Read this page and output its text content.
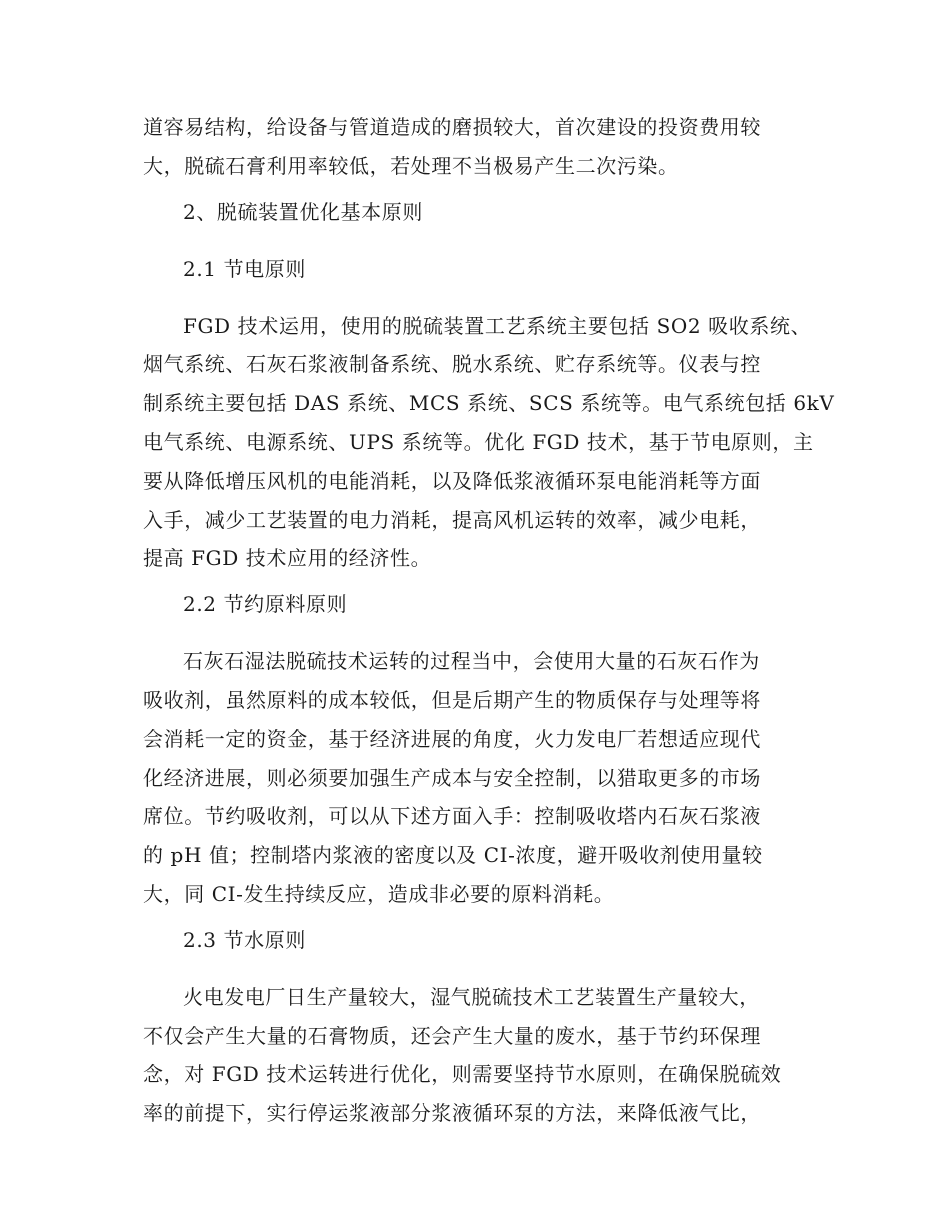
道容易结构，给设备与管道造成的磨损较大，首次建设的投资费用较
大，脱硫石膏利用率较低，若处理不当极易产生二次污染。
2、脱硫装置优化基本原则
2.1 节电原则
FGD 技术运用，使用的脱硫装置工艺系统主要包括 SO2 吸收系统、
烟气系统、石灰石浆液制备系统、脱水系统、贮存系统等。仪表与控
制系统主要包括 DAS 系统、MCS 系统、SCS 系统等。电气系统包括 6kV
电气系统、电源系统、UPS 系统等。优化 FGD 技术，基于节电原则，主
要从降低增压风机的电能消耗，以及降低浆液循环泵电能消耗等方面
入手，减少工艺装置的电力消耗，提高风机运转的效率，减少电耗，
提高 FGD 技术应用的经济性。
2.2 节约原料原则
石灰石湿法脱硫技术运转的过程当中，会使用大量的石灰石作为
吸收剂，虽然原料的成本较低，但是后期产生的物质保存与处理等将
会消耗一定的资金，基于经济进展的角度，火力发电厂若想适应现代
化经济进展，则必须要加强生产成本与安全控制，以猎取更多的市场
席位。节约吸收剂，可以从下述方面入手：控制吸收塔内石灰石浆液
的 pH 值；控制塔内浆液的密度以及 CI-浓度，避开吸收剂使用量较
大，同 CI-发生持续反应，造成非必要的原料消耗。
2.3 节水原则
火电发电厂日生产量较大，湿气脱硫技术工艺装置生产量较大，
不仅会产生大量的石膏物质，还会产生大量的废水，基于节约环保理
念，对 FGD 技术运转进行优化，则需要坚持节水原则，在确保脱硫效
率的前提下，实行停运浆液部分浆液循环泵的方法，来降低液气比，
